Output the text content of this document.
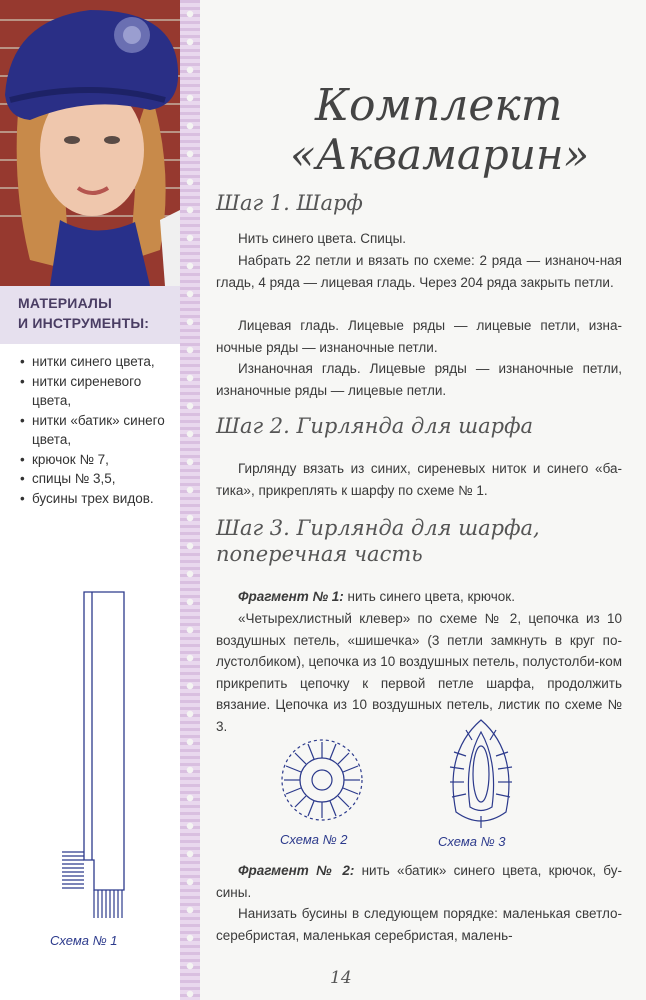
МАТЕРИАЛЫ
И ИНСТРУМЕНТЫ:
• нитки синего цвета,
• нитки сиреневого
цвета,
• нитки «батик» синего
цвета,
• крючок № 7,
• спицы № 3,5,
• бусины трех видов.
Схема № 1
Комплект
«Аквамарин»
Шаг 1. Шарф

Нить синего цвета. Спицы.

Набрать 22 петли и вязать по схеме: 2 ряда — изнаноч-ная гладь, 4 ряда — лицевая гладь. Через 204 ряда закрыть петли.

Лицевая гладь. Лицевые ряды — лицевые петли, изна-ночные ряды — изнаночные петли.

Изнаночная гладь. Лицевые ряды — изнаночные петли, изнаночные ряды — лицевые петли.

Шаг 2. Гирлянда для шарфа

Гирлянду вязать из синих, сиреневых ниток и синего «ба-тика», прикреплять к шарфу по схеме № 1.

Шаг 3. Гирлянда для шарфа,
поперечная часть

Фрагмент № 1: нить синего цвета, крючок.

«Четырехлистный клевер» по схеме № 2, цепочка из 10 воздушных петель, «шишечка» (3 петли замкнуть в круг по-лустолбиком), цепочка из 10 воздушных петель, полустолби-ком прикрепить цепочку к первой петле шарфа, продолжить вязание. Цепочка из 10 воздушных петель, листик по схеме № 3.

Схема № 2	Схема № 3

Фрагмент № 2: нить «батик» синего цвета, крючок, бу-сины.

Нанизать бусины в следующем порядке: маленькая светло-серебристая, маленькая серебристая, малень-

14
